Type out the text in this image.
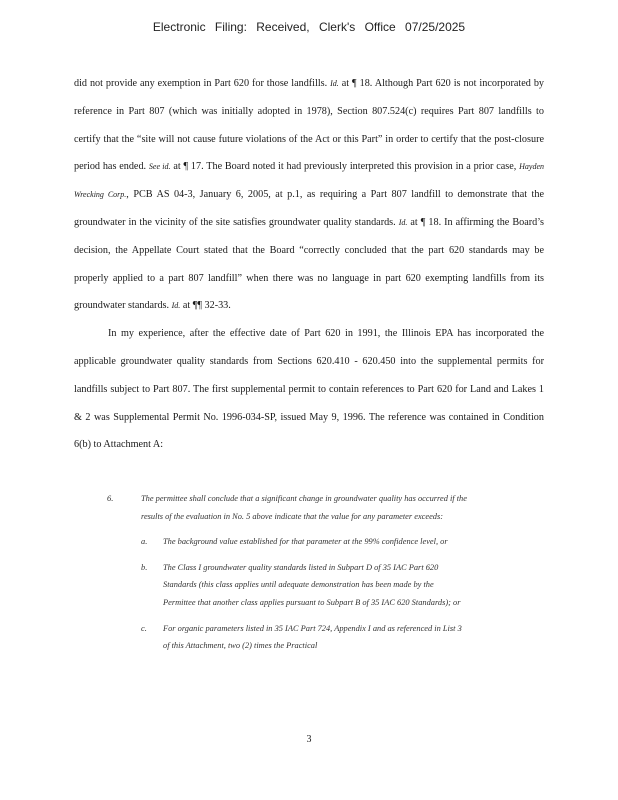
Electronic Filing: Received, Clerk's Office 07/25/2025

did not provide any exemption in Part 620 for those landfills. Id. at ¶ 18. Although Part 620 is not incorporated by reference in Part 807 (which was initially adopted in 1978), Section 807.524(c) requires Part 807 landfills to certify that the “site will not cause future violations of the Act or this Part” in order to certify that the post-closure period has ended. See id. at ¶ 17. The Board noted it had previously interpreted this provision in a prior case, Hayden Wrecking Corp., PCB AS 04-3, January 6, 2005, at p.1, as requiring a Part 807 landfill to demonstrate that the groundwater in the vicinity of the site satisfies groundwater quality standards. Id. at ¶ 18. In affirming the Board’s decision, the Appellate Court stated that the Board “correctly concluded that the part 620 standards may be properly applied to a part 807 landfill” when there was no language in part 620 exempting landfills from its groundwater standards. Id. at ¶¶ 32-33.

In my experience, after the effective date of Part 620 in 1991, the Illinois EPA has incorporated the applicable groundwater quality standards from Sections 620.410 - 620.450 into the supplemental permits for landfills subject to Part 807. The first supplemental permit to contain references to Part 620 for Land and Lakes 1 & 2 was Supplemental Permit No. 1996-034-SP, issued May 9, 1996. The reference was contained in Condition 6(b) to Attachment A:

6.	The permittee shall conclude that a significant change in groundwater quality has occurred if the results of the evaluation in No. 5 above indicate that the value for any parameter exceeds:
a. The background value established for that parameter at the 99% confidence level, or
b. The Class I groundwater quality standards listed in Subpart D of 35 IAC Part 620 Standards (this class applies until adequate demonstration has been made by the Permittee that another class applies pursuant to Subpart B of 35 IAC 620 Standards); or
c. For organic parameters listed in 35 IAC Part 724, Appendix I and as referenced in List 3 of this Attachment, two (2) times the Practical
3
